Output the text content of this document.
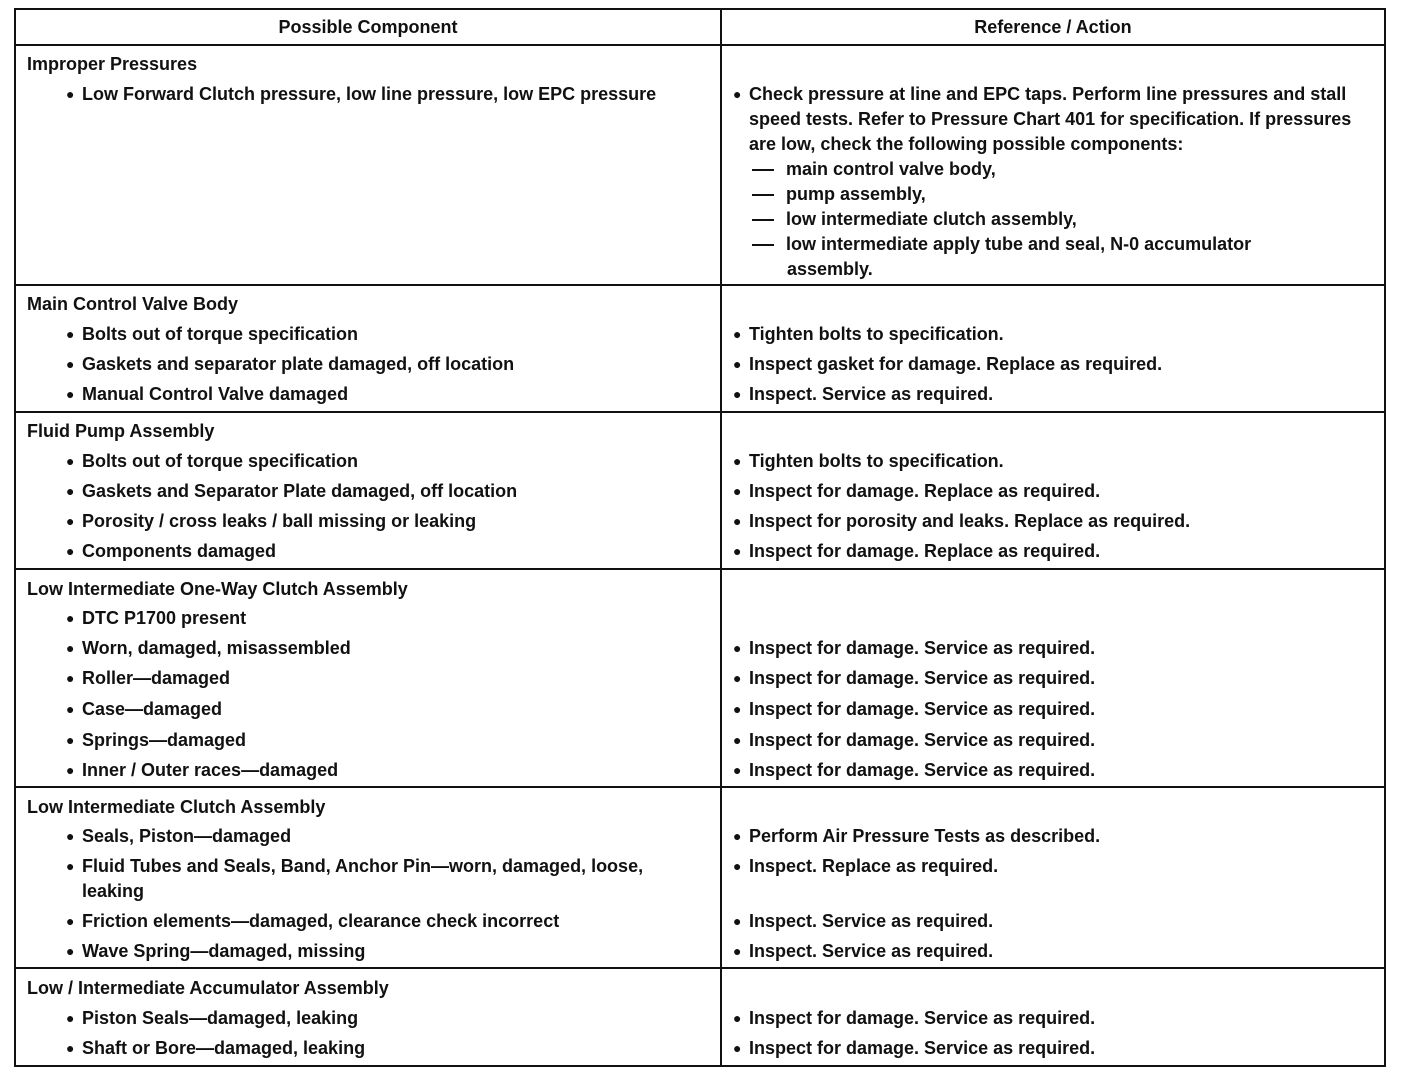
Possible Component	Reference / Action
Improper Pressures
● Low Forward Clutch pressure, low line pressure, low EPC pressure	● Check pressure at line and EPC taps. Perform line pressures and stall speed tests. Refer to Pressure Chart 401 for specification. If pressures are low, check the following possible components:
main control valve body,
pump assembly,
low intermediate clutch assembly,
low intermediate apply tube and seal, N-0 accumulator
assembly.
Main Control Valve Body
● Bolts out of torque specification
● Gaskets and separator plate damaged, off location
● Manual Control Valve damaged
● Tighten bolts to specification.
● Inspect gasket for damage. Replace as required.
● Inspect. Service as required.
Fluid Pump Assembly
● Bolts out of torque specification
● Gaskets and Separator Plate damaged, off location
● Porosity / cross leaks / ball missing or leaking
● Components damaged
● Tighten bolts to specification.
● Inspect for damage. Replace as required.
● Inspect for porosity and leaks. Replace as required.
● Inspect for damage. Replace as required.
Low Intermediate One-Way Clutch Assembly
● DTC P1700 present
● Worn, damaged, misassembled
● Roller—damaged
● Case—damaged
● Springs—damaged
● Inner / Outer races—damaged
● Inspect for damage. Service as required.
● Inspect for damage. Service as required.
● Inspect for damage. Service as required.
● Inspect for damage. Service as required.
● Inspect for damage. Service as required.
Low Intermediate Clutch Assembly
● Seals, Piston—damaged
● Fluid Tubes and Seals, Band, Anchor Pin—worn, damaged, loose, leaking
● Friction elements—damaged, clearance check incorrect
● Wave Spring—damaged, missing
● Perform Air Pressure Tests as described.
● Inspect. Replace as required.
● Inspect. Service as required.
● Inspect. Service as required.
Low / Intermediate Accumulator Assembly
● Piston Seals—damaged, leaking
● Shaft or Bore—damaged, leaking
● Inspect for damage. Service as required.
● Inspect for damage. Service as required.
